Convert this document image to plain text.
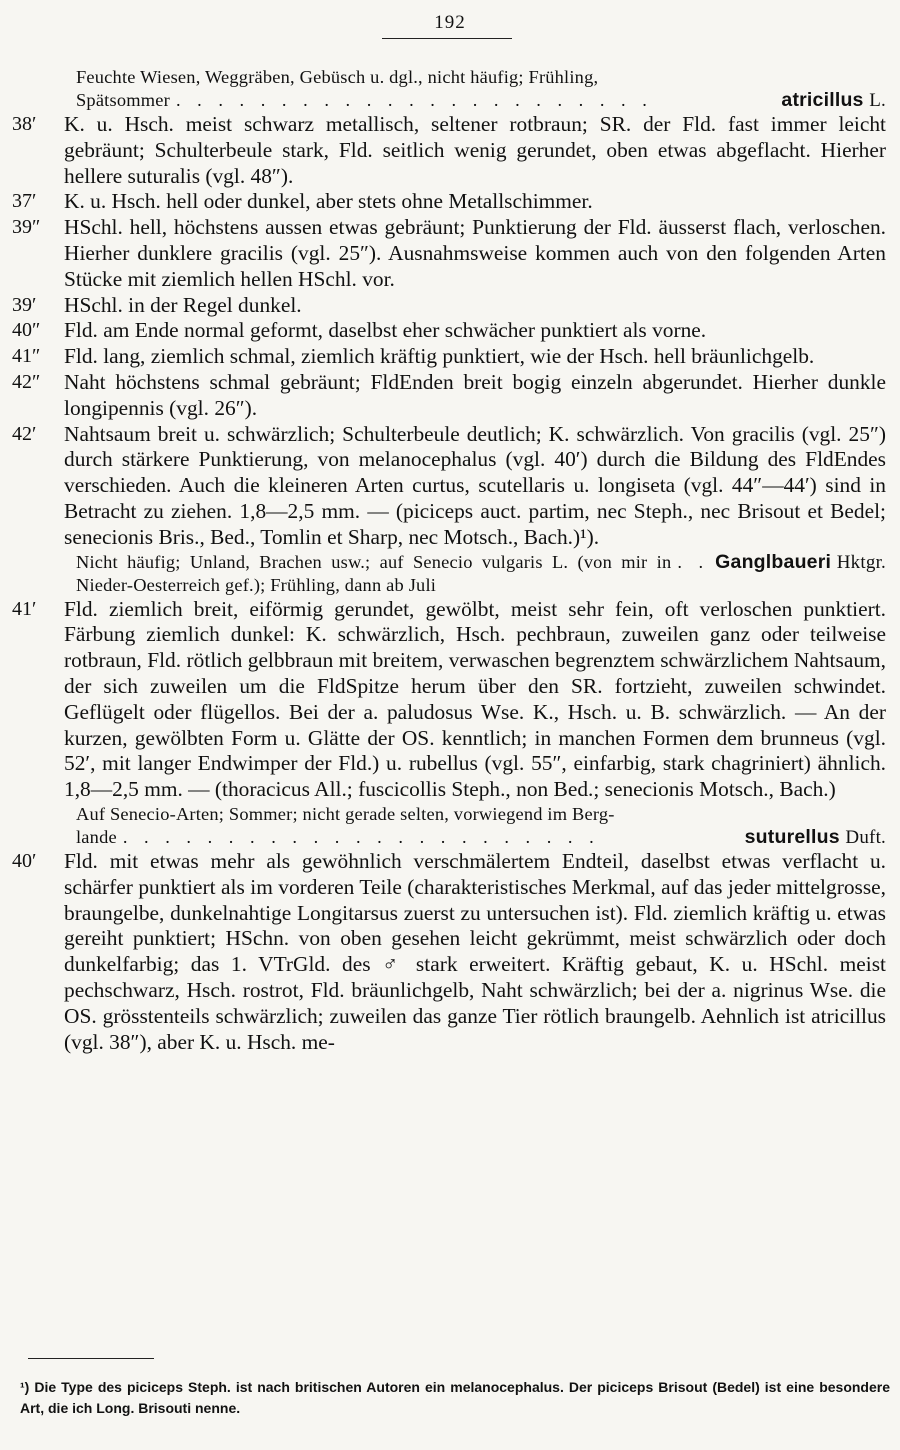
192

Feuchte Wiesen, Weggräben, Gebüsch u. dgl., nicht häufig; Frühling,

Spätsommer . . . . . . . . . . . . . . . . . . . . . . .	atricillus L.
38′ K. u. Hsch. meist schwarz metallisch, seltener rotbraun; SR. der Fld. fast immer leicht gebräunt; Schulterbeule stark, Fld. seitlich wenig gerundet, oben etwas abgeflacht. Hierher hellere suturalis (vgl. 48″).

37′ K. u. Hsch. hell oder dunkel, aber stets ohne Metallschimmer.

39″ HSchl. hell, höchstens aussen etwas gebräunt; Punktierung der Fld. äusserst flach, verloschen. Hierher dunklere gracilis (vgl. 25″). Ausnahmsweise kommen auch von den folgenden Arten Stücke mit ziemlich hellen HSchl. vor.

39′ HSchl. in der Regel dunkel.

40″ Fld. am Ende normal geformt, daselbst eher schwächer punktiert als vorne.

41″ Fld. lang, ziemlich schmal, ziemlich kräftig punktiert, wie der Hsch. hell bräunlichgelb.

42″ Naht höchstens schmal gebräunt; FldEnden breit bogig einzeln abgerundet. Hierher dunkle longipennis (vgl. 26″).

42′ Nahtsaum breit u. schwärzlich; Schulterbeule deutlich; K. schwärzlich. Von gracilis (vgl. 25″) durch stärkere Punktierung, von melanocephalus (vgl. 40′) durch die Bildung des FldEndes verschieden. Auch die kleineren Arten curtus, scutellaris u. longiseta (vgl. 44″—44′) sind in Betracht zu ziehen. 1,8—2,5 mm. — (piciceps auct. partim, nec Steph., nec Brisout et Bedel; senecionis Bris., Bed., Tomlin et Sharp, nec Motsch., Bach.)¹).

Nicht häufig; Unland, Brachen usw.; auf Senecio vulgaris L. (von mir in Nieder-Oesterreich gef.); Frühling, dann ab Juli
. . Ganglbaueri Hktgr.
41′ Fld. ziemlich breit, eiförmig gerundet, gewölbt, meist sehr fein, oft verloschen punktiert. Färbung ziemlich dunkel: K. schwärzlich, Hsch. pechbraun, zuweilen ganz oder teilweise rotbraun, Fld. rötlich gelbbraun mit breitem, verwaschen begrenztem schwärzlichem Nahtsaum, der sich zuweilen um die FldSpitze herum über den SR. fortzieht, zuweilen schwindet. Geflügelt oder flügellos. Bei der a. paludosus Wse. K., Hsch. u. B. schwärzlich. — An der kurzen, gewölbten Form u. Glätte der OS. kenntlich; in manchen Formen dem brunneus (vgl. 52′, mit langer Endwimper der Fld.) u. rubellus (vgl. 55″, einfarbig, stark chagriniert) ähnlich. 1,8—2,5 mm. — (thoracicus All.; fuscicollis Steph., non Bed.; senecionis Motsch., Bach.)

Auf Senecio-Arten; Sommer; nicht gerade selten, vorwiegend im Berg-

lande . . . . . . . . . . . . . . . . . . . . . . .	suturellus Duft.
40′ Fld. mit etwas mehr als gewöhnlich verschmälertem Endteil, daselbst etwas verflacht u. schärfer punktiert als im vorderen Teile (charakteristisches Merkmal, auf das jeder mittelgrosse, braungelbe, dunkelnahtige Longitarsus zuerst zu untersuchen ist). Fld. ziemlich kräftig u. etwas gereiht punktiert; HSchn. von oben gesehen leicht gekrümmt, meist schwärzlich oder doch dunkelfarbig; das 1. VTrGld. des ♂ stark erweitert. Kräftig gebaut, K. u. HSchl. meist pechschwarz, Hsch. rostrot, Fld. bräunlichgelb, Naht schwärzlich; bei der a. nigrinus Wse. die OS. grösstenteils schwärzlich; zuweilen das ganze Tier rötlich braungelb. Aehnlich ist atricillus (vgl. 38″), aber K. u. Hsch. me-

¹) Die Type des piciceps Steph. ist nach britischen Autoren ein melanocephalus. Der piciceps Brisout (Bedel) ist eine besondere Art, die ich Long. Brisouti nenne.
